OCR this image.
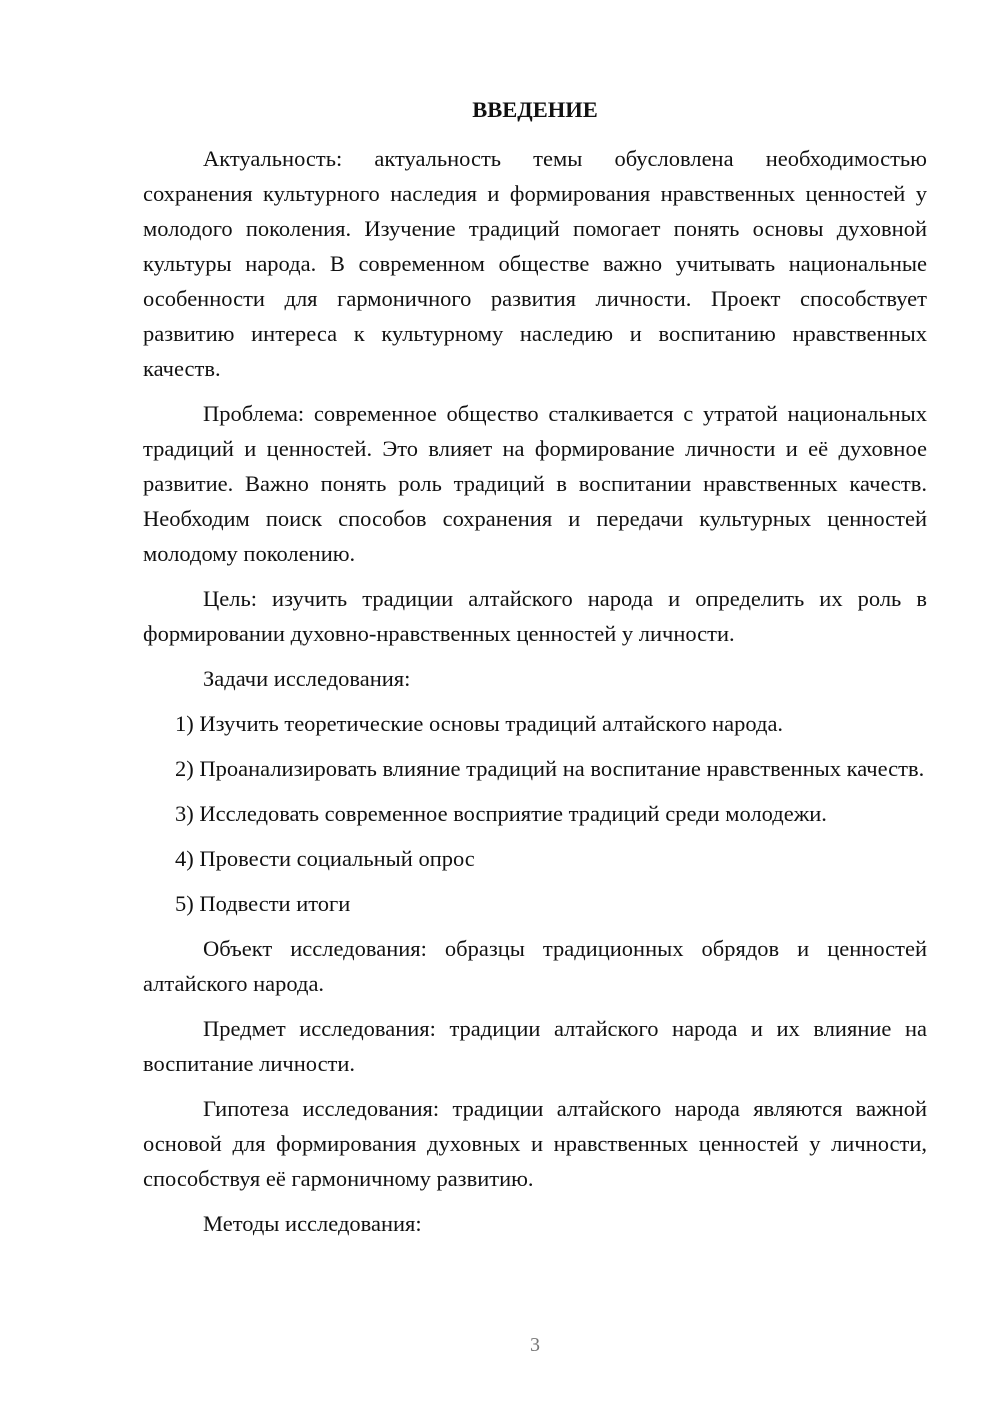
ВВЕДЕНИЕ

Актуальность: актуальность темы обусловлена необходимостью сохранения культурного наследия и формирования нравственных ценностей у молодого поколения. Изучение традиций помогает понять основы духовной культуры народа. В современном обществе важно учитывать национальные особенности для гармоничного развития личности. Проект способствует развитию интереса к культурному наследию и воспитанию нравственных качеств.

Проблема: современное общество сталкивается с утратой национальных традиций и ценностей. Это влияет на формирование личности и её духовное развитие. Важно понять роль традиций в воспитании нравственных качеств. Необходим поиск способов сохранения и передачи культурных ценностей молодому поколению.

Цель: изучить традиции алтайского народа и определить их роль в формировании духовно-нравственных ценностей у личности.

Задачи исследования:

1) Изучить теоретические основы традиций алтайского народа.

2) Проанализировать влияние традиций на воспитание нравственных качеств.

3) Исследовать современное восприятие традиций среди молодежи.

4) Провести социальный опрос

5) Подвести итоги

Объект исследования: образцы традиционных обрядов и ценностей алтайского народа.

Предмет исследования: традиции алтайского народа и их влияние на воспитание личности.

Гипотеза исследования: традиции алтайского народа являются важной основой для формирования духовных и нравственных ценностей у личности, способствуя её гармоничному развитию.

Методы исследования:

3
